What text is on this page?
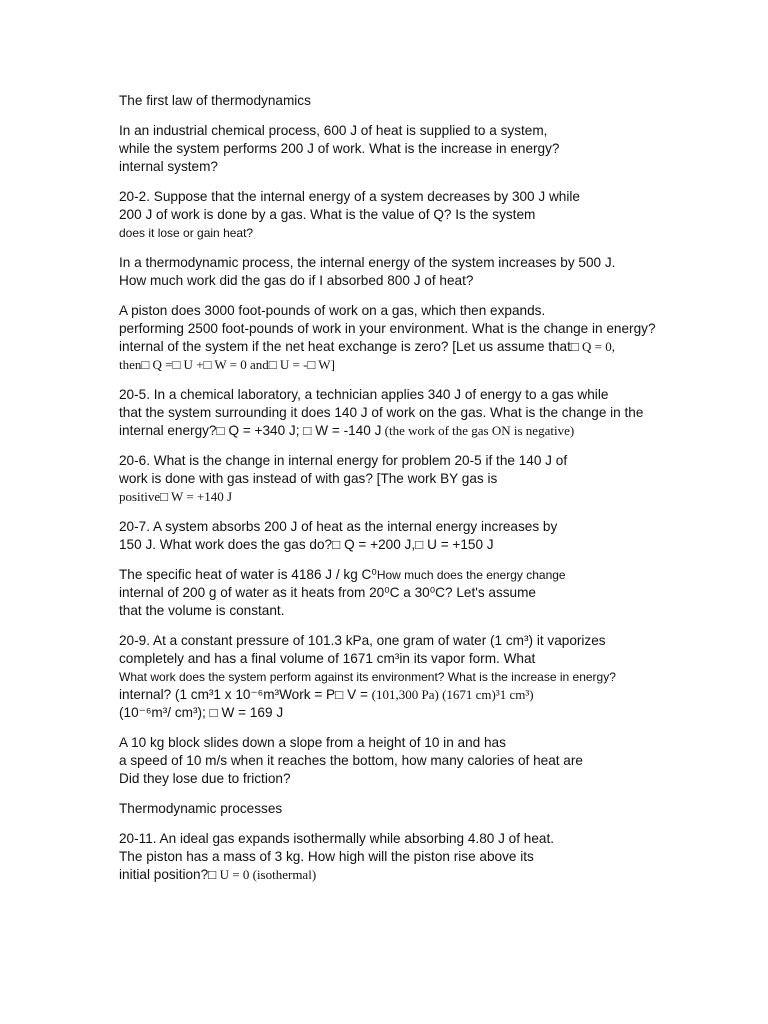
The first law of thermodynamics
In an industrial chemical process, 600 J of heat is supplied to a system,
while the system performs 200 J of work. What is the increase in energy?
internal system?
20-2. Suppose that the internal energy of a system decreases by 300 J while
200 J of work is done by a gas. What is the value of Q? Is the system
does it lose or gain heat?
In a thermodynamic process, the internal energy of the system increases by 500 J.
How much work did the gas do if I absorbed 800 J of heat?
A piston does 3000 foot-pounds of work on a gas, which then expands.
performing 2500 foot-pounds of work in your environment. What is the change in energy?
internal of the system if the net heat exchange is zero? [Let us assume that□ Q = 0,
then□ Q =□ U +□ W = 0 and□ U = -□ W]
20-5. In a chemical laboratory, a technician applies 340 J of energy to a gas while
that the system surrounding it does 140 J of work on the gas. What is the change in the
internal energy?□ Q = +340 J; □ W = -140 J (the work of the gas ON is negative)
20-6. What is the change in internal energy for problem 20-5 if the 140 J of
work is done with gas instead of with gas? [The work BY gas is
positive□ W = +140 J
20-7. A system absorbs 200 J of heat as the internal energy increases by
150 J. What work does the gas do?□ Q = +200 J,□ U = +150 J
The specific heat of water is 4186 J / kg C⁰How much does the energy change
internal of 200 g of water as it heats from 20⁰C a 30⁰C? Let's assume
that the volume is constant.
20-9. At a constant pressure of 101.3 kPa, one gram of water (1 cm³) it vaporizes
completely and has a final volume of 1671 cm³in its vapor form. What
What work does the system perform against its environment? What is the increase in energy?
internal? (1 cm³1 x 10⁻⁶m³Work = P□ V = (101,300 Pa) (1671 cm)³1 cm³)
(10⁻⁶m³/ cm³); □ W = 169 J
A 10 kg block slides down a slope from a height of 10 in and has
a speed of 10 m/s when it reaches the bottom, how many calories of heat are
Did they lose due to friction?
Thermodynamic processes
20-11. An ideal gas expands isothermally while absorbing 4.80 J of heat.
The piston has a mass of 3 kg. How high will the piston rise above its
initial position?□ U = 0 (isothermal)
